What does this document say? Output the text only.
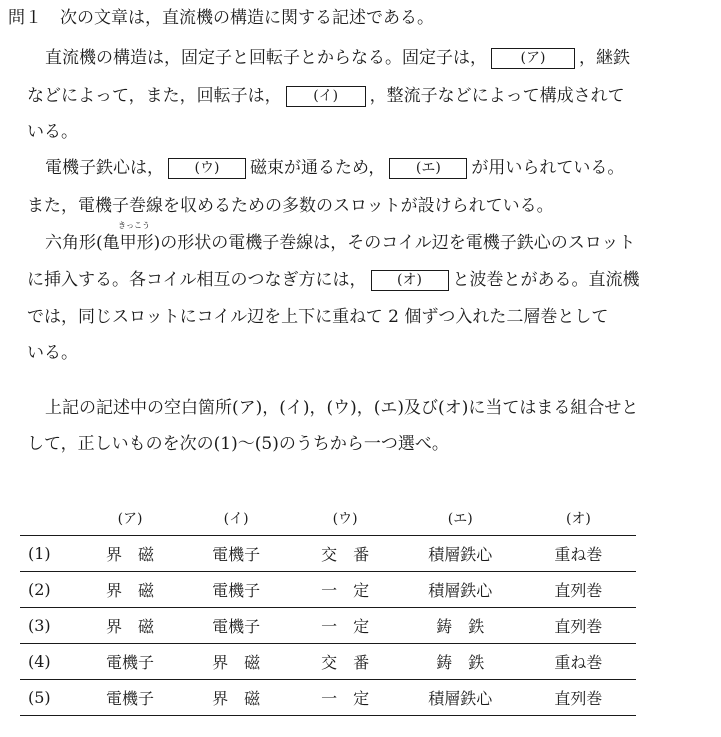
問１ 次の文章は，直流機の構造に関する記述である。
直流機の構造は，固定子と回転子とからなる。固定子は， (ア) ，継鉄
などによって，また，回転子は， (イ) ，整流子などによって構成されて
いる。
電機子鉄心は， (ウ) 磁束が通るため， (エ) が用いられている。
また，電機子巻線を収めるための多数のスロットが設けられている。
きっこう
六角形(亀甲形)の形状の電機子巻線は，そのコイル辺を電機子鉄心のスロット
に挿入する。各コイル相互のつなぎ方には， (オ) と波巻とがある。直流機
では，同じスロットにコイル辺を上下に重ねて 2 個ずつ入れた二層巻として
いる。
上記の記述中の空白箇所(ア)，(イ)，(ウ)，(エ)及び(オ)に当てはまる組合せと
して，正しいものを次の(1)～(5)のうちから一つ選べ。
	(ア)	(イ)	(ウ)	(エ)	(オ)
(1)	界　磁	電機子	交　番	積層鉄心	重ね巻
(2)	界　磁	電機子	一　定	積層鉄心	直列巻
(3)	界　磁	電機子	一　定	鋳　鉄	直列巻
(4)	電機子	界　磁	交　番	鋳　鉄	重ね巻
(5)	電機子	界　磁	一　定	積層鉄心	直列巻
